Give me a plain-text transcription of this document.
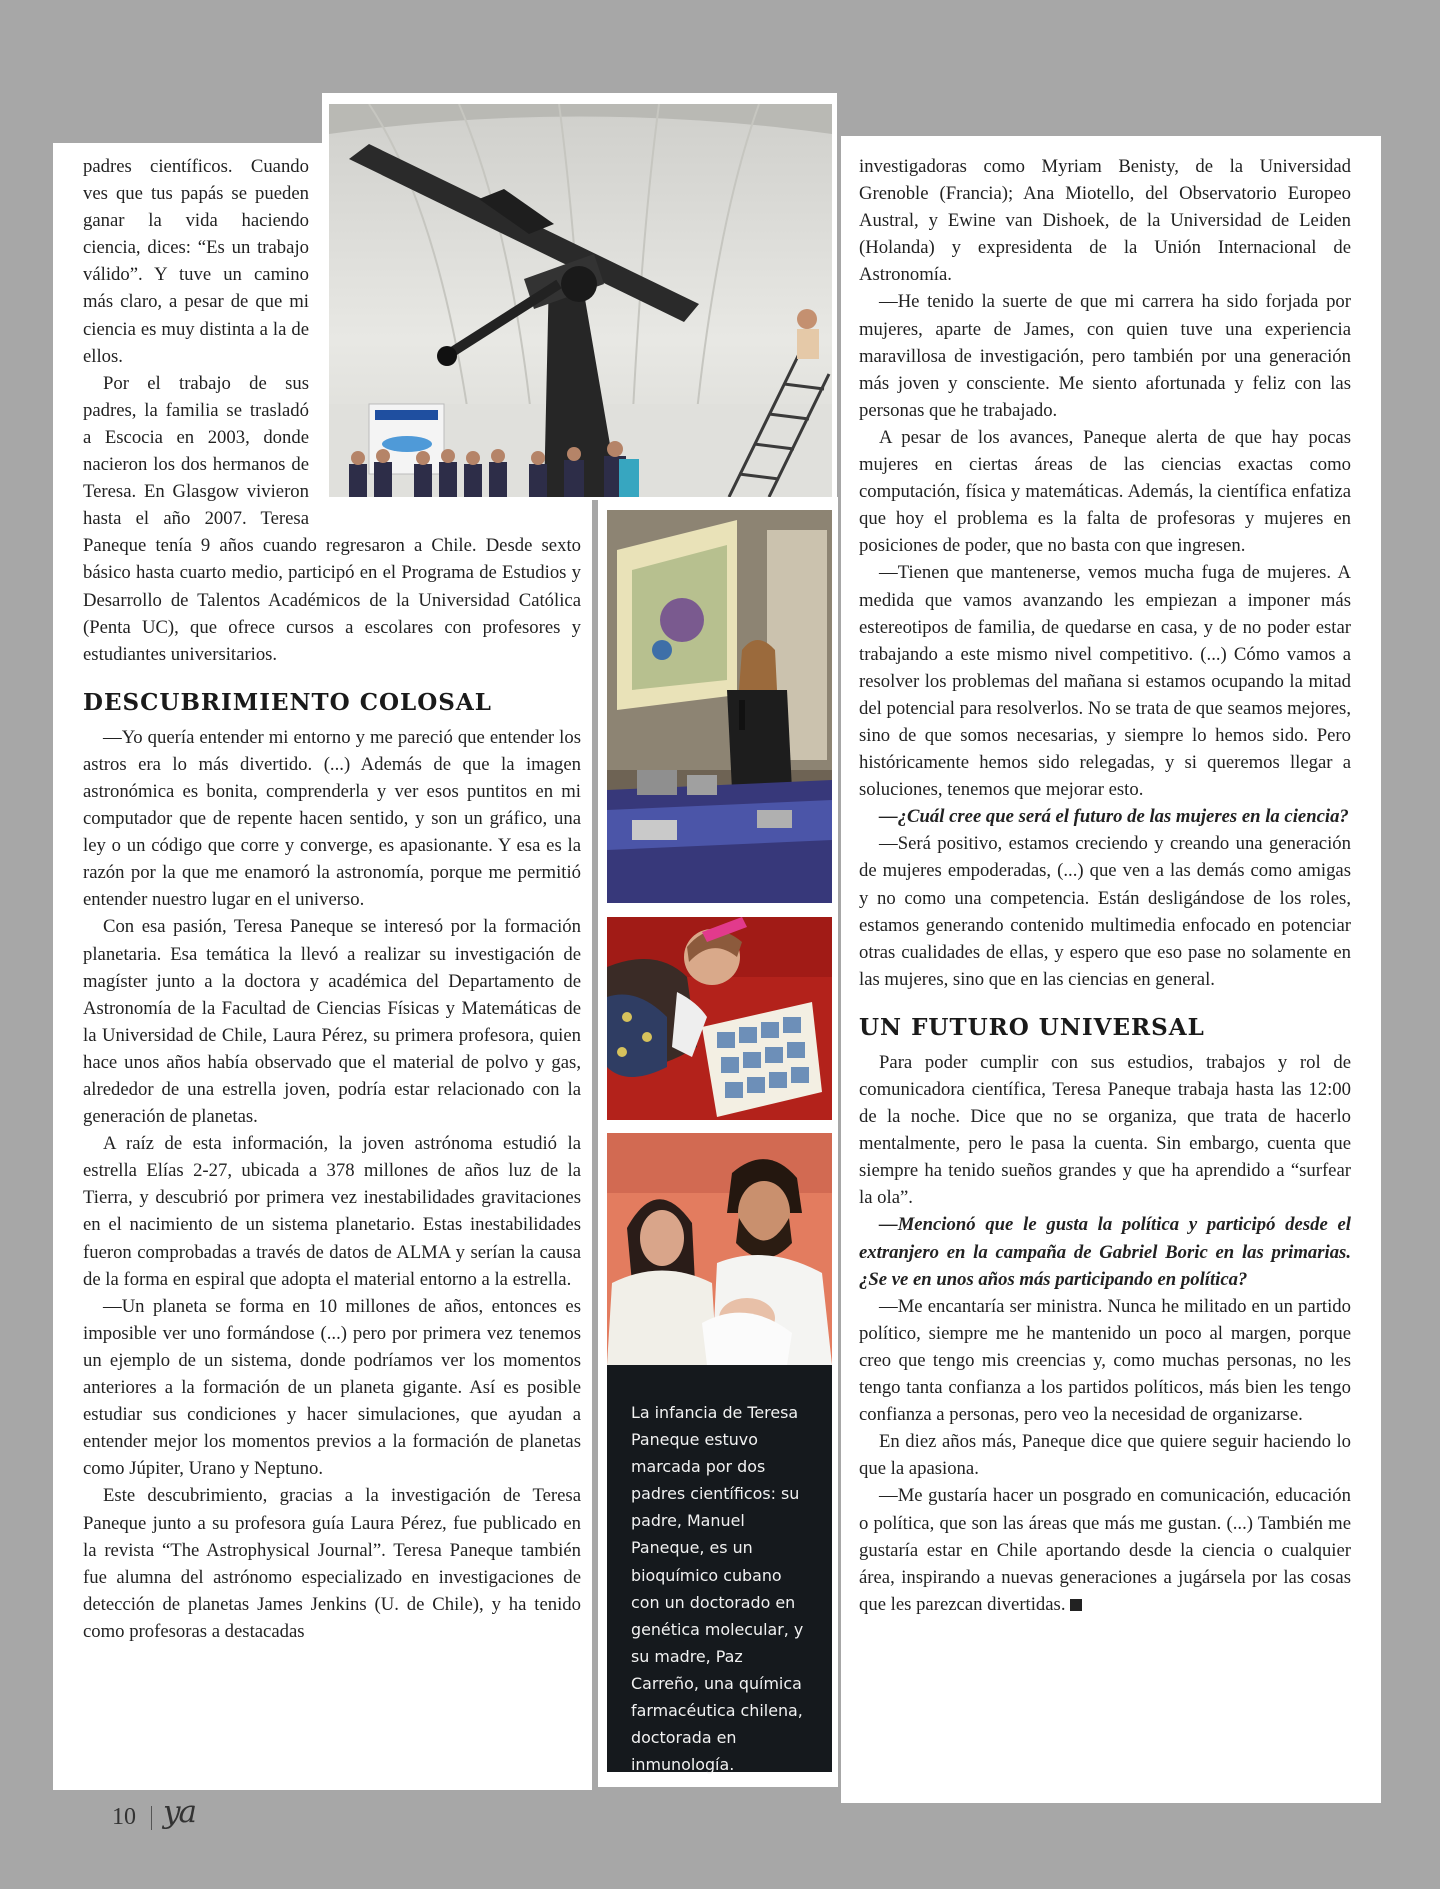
padres científicos. Cuando ves que tus papás se pueden ganar la vida haciendo ciencia, dices: “Es un trabajo válido”. Y tuve un camino más claro, a pesar de que mi ciencia es muy distinta a la de ellos.

Por el trabajo de sus padres, la familia se trasladó a Escocia en 2003, donde nacieron los dos hermanos de Teresa. En Glasgow vivieron hasta el año 2007. Teresa Paneque tenía 9 años cuando regresaron a Chile. Desde sexto básico hasta cuarto medio, participó en el Programa de Estudios y Desarrollo de Talentos Académicos de la Universidad Católica (Penta UC), que ofrece cursos a escolares con profesores y estudiantes universitarios.

DESCUBRIMIENTO COLOSAL

—Yo quería entender mi entorno y me pareció que entender los astros era lo más divertido. (...) Además de que la imagen astronómica es bonita, comprenderla y ver esos puntitos en mi computador que de repente hacen sentido, y son un gráfico, una ley o un código que corre y converge, es apasionante. Y esa es la razón por la que me enamoró la astronomía, porque me permitió entender nuestro lugar en el universo.

Con esa pasión, Teresa Paneque se interesó por la formación planetaria. Esa temática la llevó a realizar su investigación de magíster junto a la doctora y académica del Departamento de Astronomía de la Facultad de Ciencias Físicas y Matemáticas de la Universidad de Chile, Laura Pérez, su primera profesora, quien hace unos años había observado que el material de polvo y gas, alrededor de una estrella joven, podría estar relacionado con la generación de planetas.

A raíz de esta información, la joven astrónoma estudió la estrella Elías 2-27, ubicada a 378 millones de años luz de la Tierra, y descubrió por primera vez inestabilidades gravitaciones en el nacimiento de un sistema planetario. Estas inestabilidades fueron comprobadas a través de datos de ALMA y serían la causa de la forma en espiral que adopta el material entorno a la estrella.

—Un planeta se forma en 10 millones de años, entonces es imposible ver uno formándose (...) pero por primera vez tenemos un ejemplo de un sistema, donde podríamos ver los momentos anteriores a la formación de un planeta gigante. Así es posible estudiar sus condiciones y hacer simulaciones, que ayudan a entender mejor los momentos previos a la formación de planetas como Júpiter, Urano y Neptuno.

Este descubrimiento, gracias a la investigación de Teresa Paneque junto a su profesora guía Laura Pérez, fue publicado en la revista “The Astrophysical Journal”. Teresa Paneque también fue alumna del astrónomo especializado en investigaciones de detección de planetas James Jenkins (U. de Chile), y ha tenido como profesoras a destacadas

La infancia de Teresa Paneque estuvo marcada por dos padres científicos: su padre, Manuel Paneque, es un bioquímico cubano con un doctorado en genética molecular, y su madre, Paz Carreño, una química farmacéutica chilena, doctorada en inmunología.

investigadoras como Myriam Benisty, de la Universidad Grenoble (Francia); Ana Miotello, del Observatorio Europeo Austral, y Ewine van Dishoek, de la Universidad de Leiden (Holanda) y expresidenta de la Unión Internacional de Astronomía.

—He tenido la suerte de que mi carrera ha sido forjada por mujeres, aparte de James, con quien tuve una experiencia maravillosa de investigación, pero también por una generación más joven y consciente. Me siento afortunada y feliz con las personas que he trabajado.

A pesar de los avances, Paneque alerta de que hay pocas mujeres en ciertas áreas de las ciencias exactas como computación, física y matemáticas. Además, la científica enfatiza que hoy el problema es la falta de profesoras y mujeres en posiciones de poder, que no basta con que ingresen.

—Tienen que mantenerse, vemos mucha fuga de mujeres. A medida que vamos avanzando les empiezan a imponer más estereotipos de familia, de quedarse en casa, y de no poder estar trabajando a este mismo nivel competitivo. (...) Cómo vamos a resolver los problemas del mañana si estamos ocupando la mitad del potencial para resolverlos. No se trata de que seamos mejores, sino de que somos necesarias, y siempre lo hemos sido. Pero históricamente hemos sido relegadas, y si queremos llegar a soluciones, tenemos que mejorar esto.

—¿Cuál cree que será el futuro de las mujeres en la ciencia?

—Será positivo, estamos creciendo y creando una generación de mujeres empoderadas, (...) que ven a las demás como amigas y no como una competencia. Están desligándose de los roles, estamos generando contenido multimedia enfocado en potenciar otras cualidades de ellas, y espero que eso pase no solamente en las mujeres, sino que en las ciencias en general.

UN FUTURO UNIVERSAL

Para poder cumplir con sus estudios, trabajos y rol de comunicadora científica, Teresa Paneque trabaja hasta las 12:00 de la noche. Dice que no se organiza, que trata de hacerlo mentalmente, pero le pasa la cuenta. Sin embargo, cuenta que siempre ha tenido sueños grandes y que ha aprendido a “surfear la ola”.

—Mencionó que le gusta la política y participó desde el extranjero en la campaña de Gabriel Boric en las primarias. ¿Se ve en unos años más participando en política?

—Me encantaría ser ministra. Nunca he militado en un partido político, siempre me he mantenido un poco al margen, porque creo que tengo mis creencias y, como muchas personas, no les tengo tanta confianza a los partidos políticos, más bien les tengo confianza a personas, pero veo la necesidad de organizarse.

En diez años más, Paneque dice que quiere seguir haciendo lo que la apasiona.

—Me gustaría hacer un posgrado en comunicación, educación o política, que son las áreas que más me gustan. (...) También me gustaría estar en Chile aportando desde la ciencia o cualquier área, inspirando a nuevas generaciones a jugársela por las cosas que les parezcan divertidas.

10 ya
